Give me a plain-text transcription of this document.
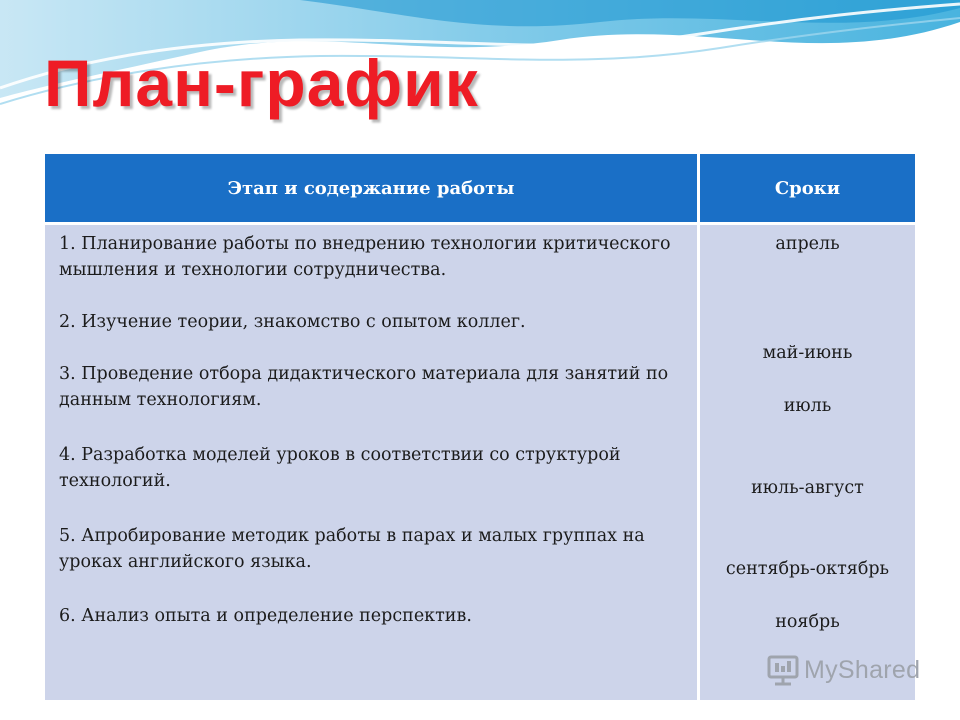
План-график
Этап и содержание работы	Сроки
1. Планирование работы по внедрению технологии критического мышления и технологии сотрудничества.
2. Изучение теории, знакомство с опытом коллег.
3. Проведение отбора дидактического материала для занятий по данным технологиям.
4. Разработка моделей уроков в соответствии со структурой технологий.
5. Апробирование методик работы в парах и малых группах на уроках английского языка.
6. Анализ опыта и определение перспектив.
апрель
май-июнь
июль
июль-август
сентябрь-октябрь
ноябрь
MyShared
